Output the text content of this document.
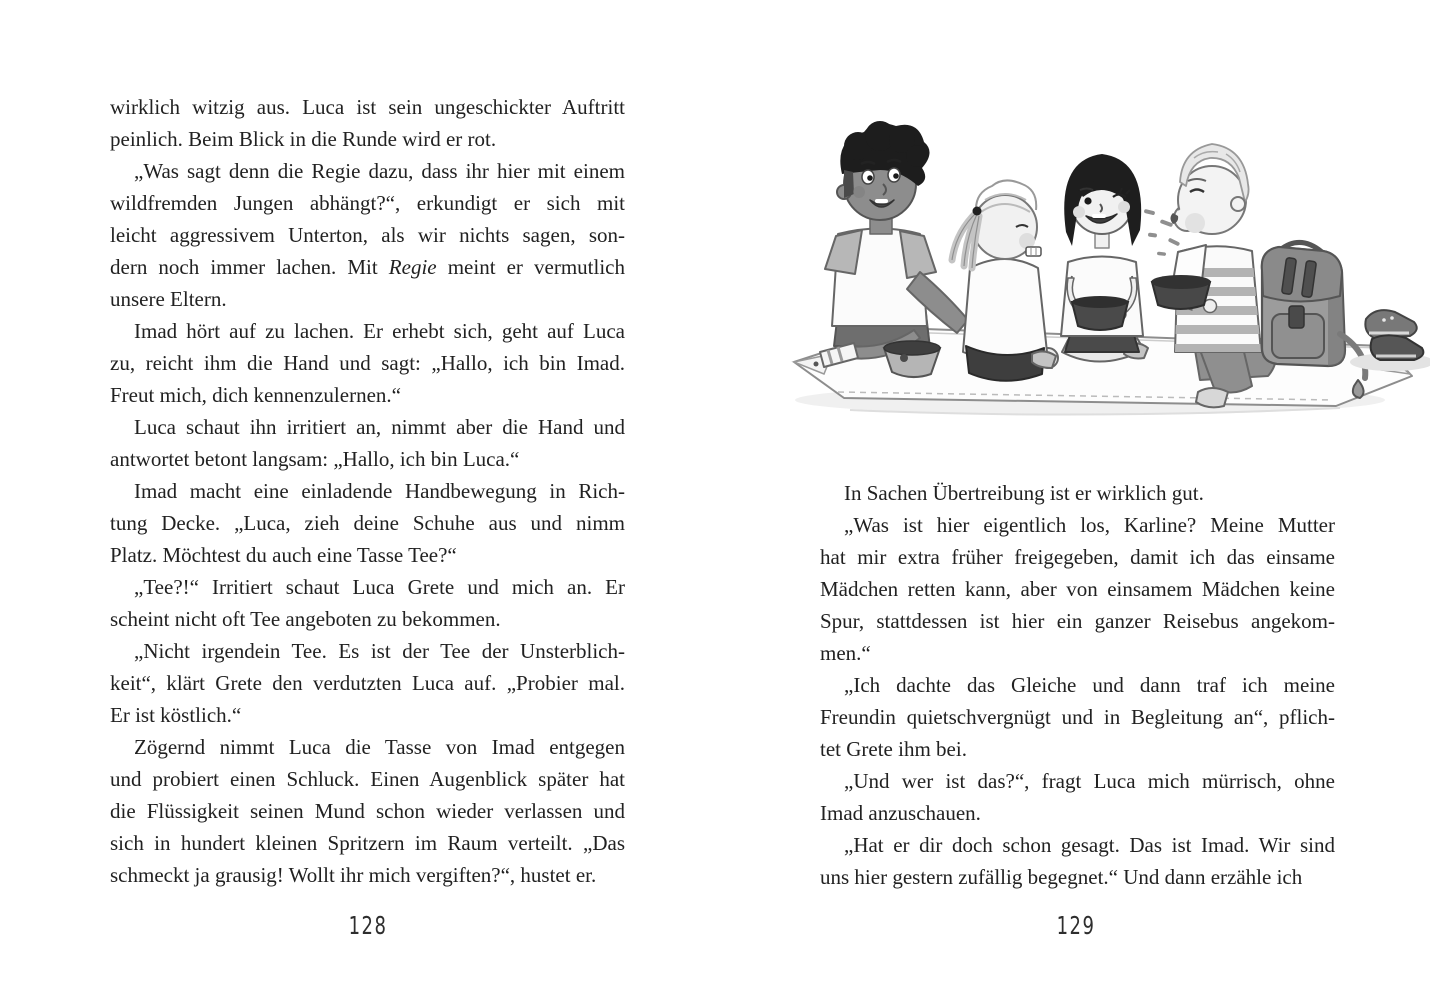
wirklich witzig aus. Luca ist sein ungeschickter Auftritt
peinlich. Beim Blick in die Runde wird er rot.
„Was sagt denn die Regie dazu, dass ihr hier mit einem
wildfremden Jungen abhängt?“, erkundigt er sich mit
leicht aggressivem Unterton, als wir nichts sagen, son-
dern noch immer lachen. Mit Regie meint er vermutlich
unsere Eltern.
Imad hört auf zu lachen. Er erhebt sich, geht auf Luca
zu, reicht ihm die Hand und sagt: „Hallo, ich bin Imad.
Freut mich, dich kennenzulernen.“
Luca schaut ihn irritiert an, nimmt aber die Hand und
antwortet betont langsam: „Hallo, ich bin Luca.“
Imad macht eine einladende Handbewegung in Rich-
tung Decke. „Luca, zieh deine Schuhe aus und nimm
Platz. Möchtest du auch eine Tasse Tee?“
„Tee?!“ Irritiert schaut Luca Grete und mich an. Er
scheint nicht oft Tee angeboten zu bekommen.
„Nicht irgendein Tee. Es ist der Tee der Unsterblich-
keit“, klärt Grete den verdutzten Luca auf. „Probier mal.
Er ist köstlich.“
Zögernd nimmt Luca die Tasse von Imad entgegen
und probiert einen Schluck. Einen Augenblick später hat
die Flüssigkeit seinen Mund schon wieder verlassen und
sich in hundert kleinen Spritzern im Raum verteilt. „Das
schmeckt ja grausig! Wollt ihr mich vergiften?“, hustet er.
128
In Sachen Übertreibung ist er wirklich gut.
„Was ist hier eigentlich los, Karline? Meine Mutter
hat mir extra früher freigegeben, damit ich das einsame
Mädchen retten kann, aber von einsamem Mädchen keine
Spur, stattdessen ist hier ein ganzer Reisebus angekom-
men.“
„Ich dachte das Gleiche und dann traf ich meine
Freundin quietschvergnügt und in Begleitung an“, pflich-
tet Grete ihm bei.
„Und wer ist das?“, fragt Luca mich mürrisch, ohne
Imad anzuschauen.
„Hat er dir doch schon gesagt. Das ist Imad. Wir sind
uns hier gestern zufällig begegnet.“ Und dann erzähle ich
129
